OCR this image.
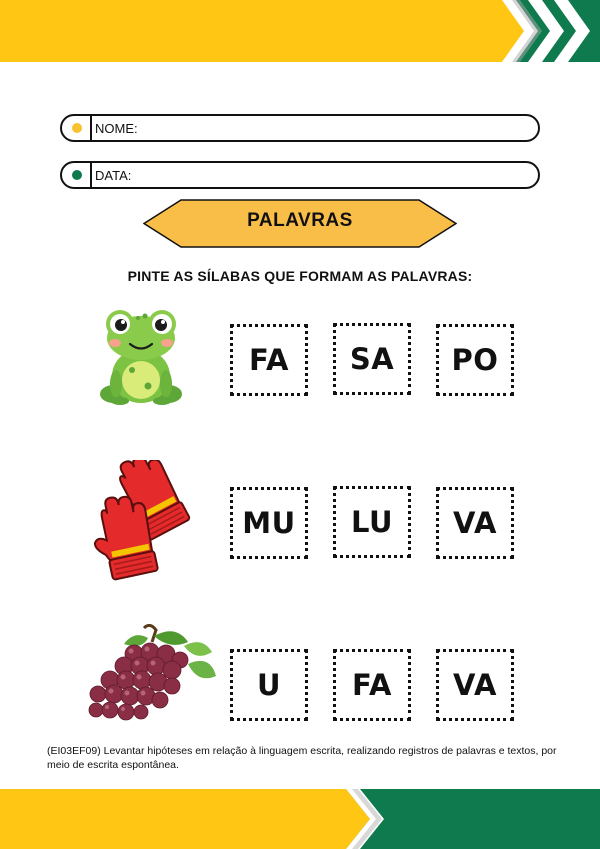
NOME:
DATA:
PALAVRAS
PINTE AS SÍLABAS QUE FORMAM AS PALAVRAS:
FA SA PO
MU LU VA
U FA VA
(EI03EF09) Levantar hipóteses em relação à linguagem escrita, realizando registros de palavras e textos, por meio de escrita espontânea.
